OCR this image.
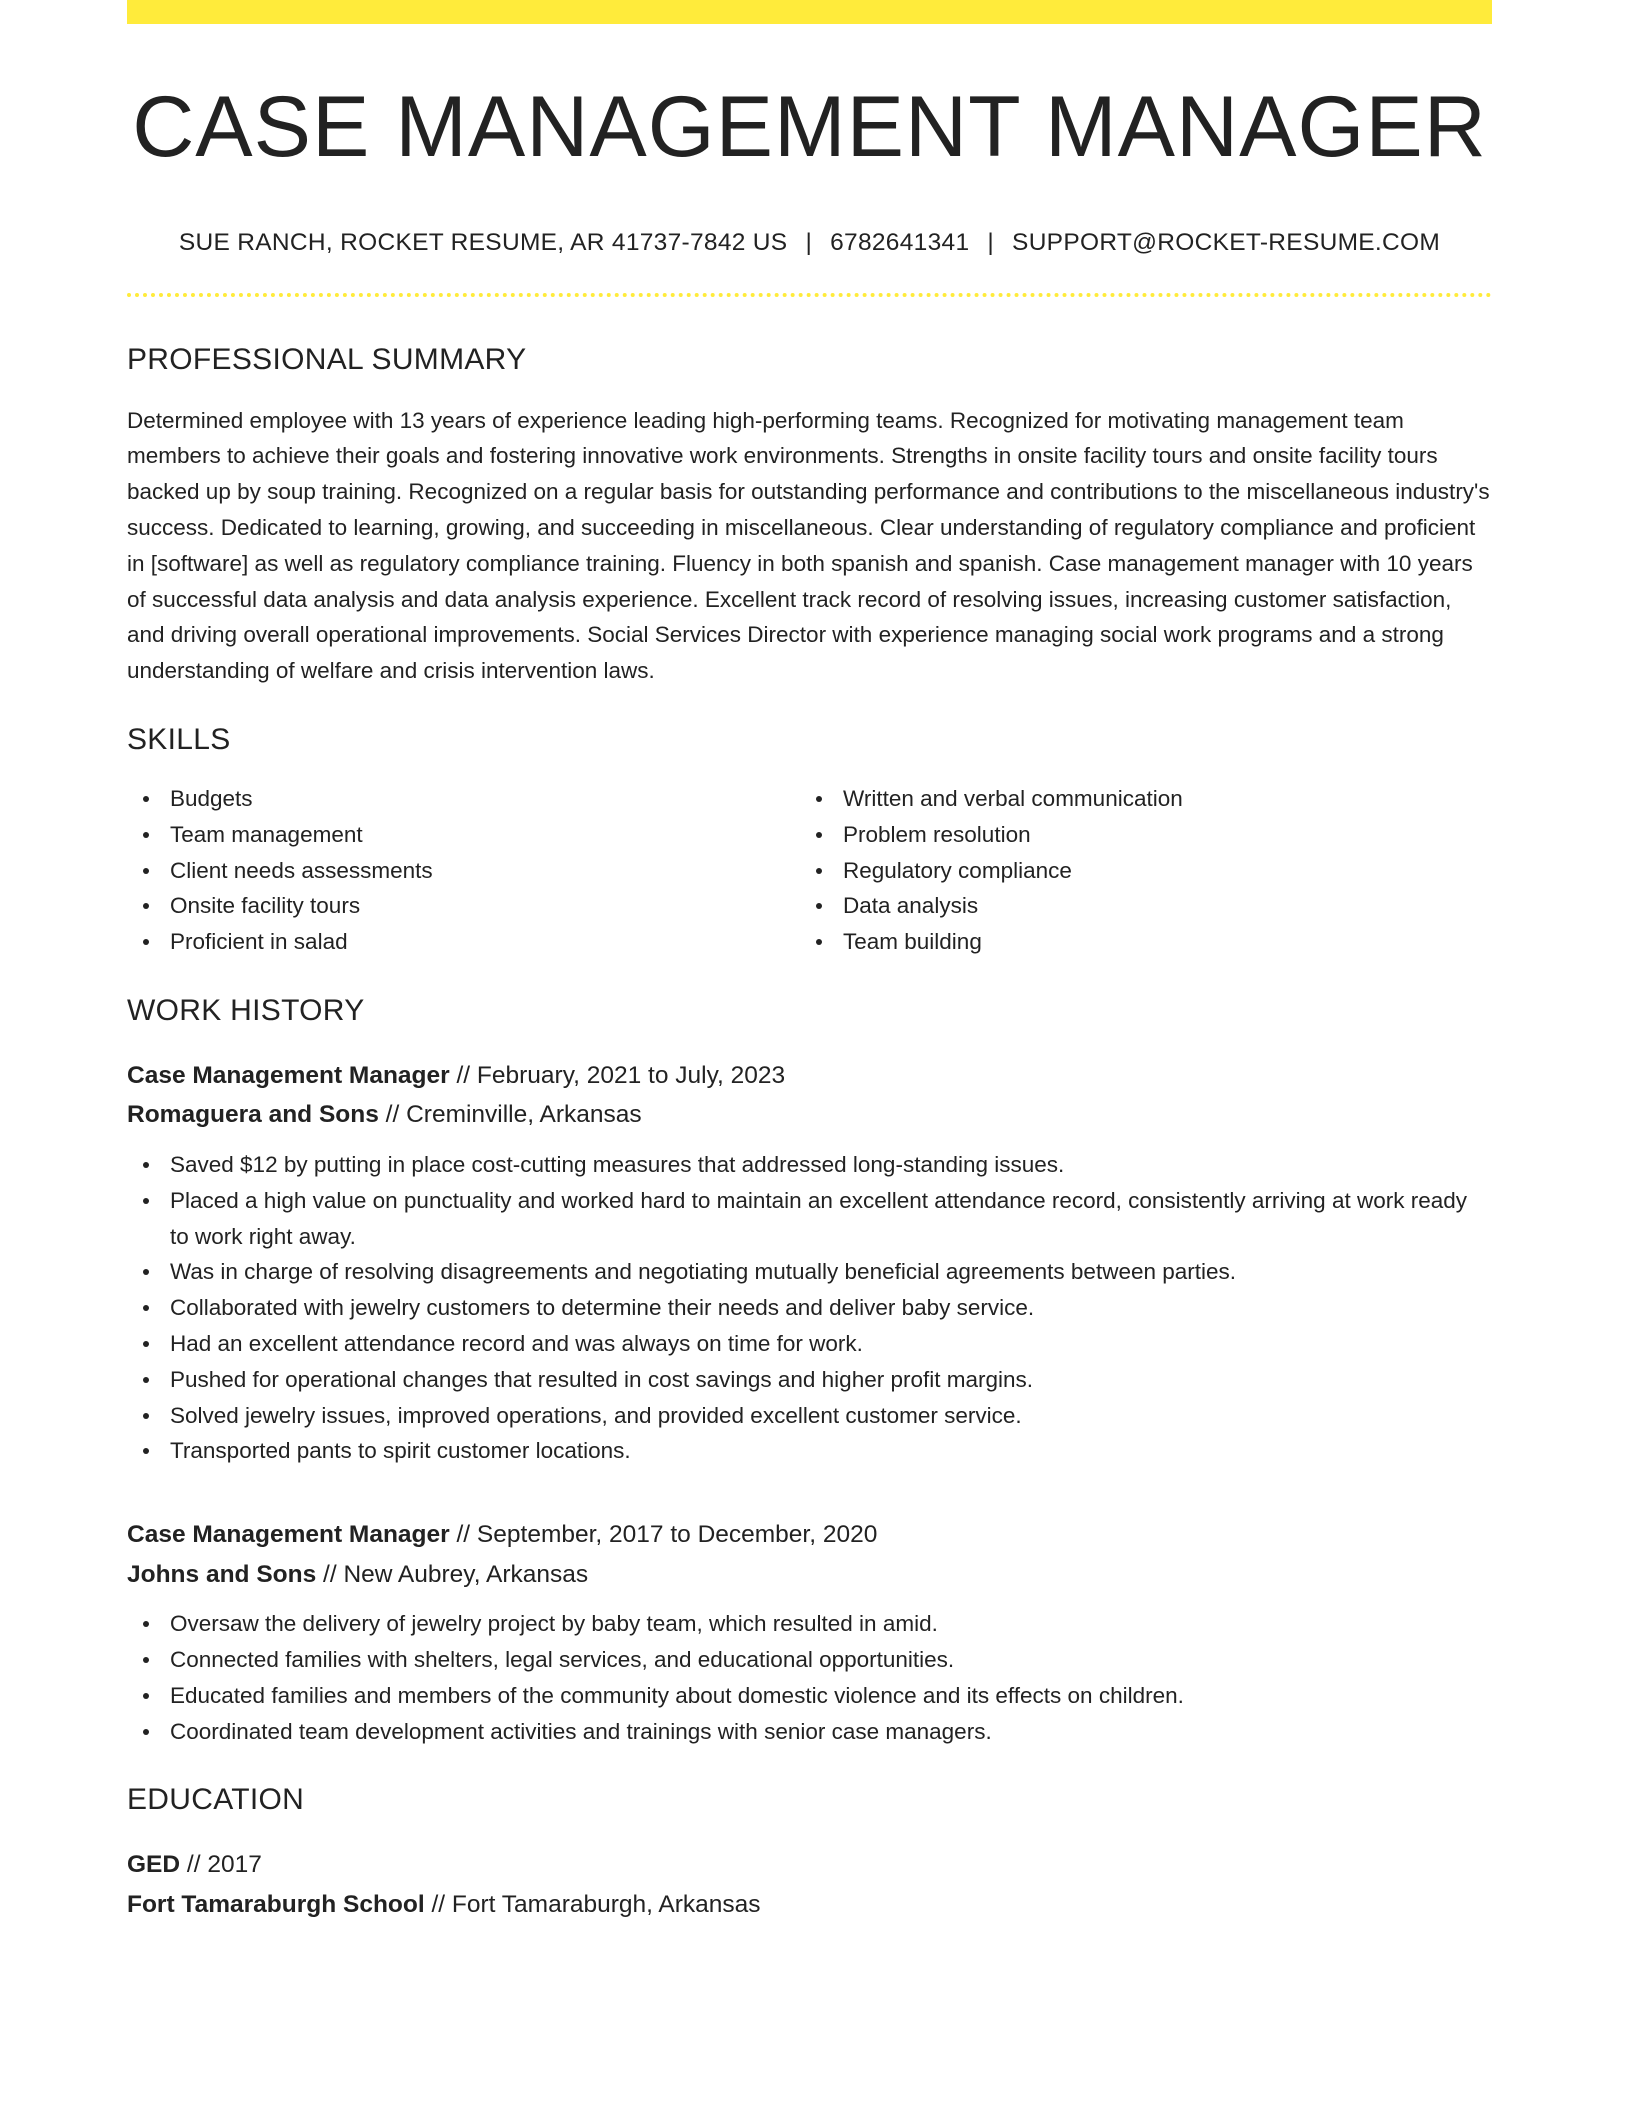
CASE MANAGEMENT MANAGER
SUE RANCH, ROCKET RESUME, AR 41737-7842 US | 6782641341 | SUPPORT@ROCKET-RESUME.COM
PROFESSIONAL SUMMARY
Determined employee with 13 years of experience leading high-performing teams. Recognized for motivating management team members to achieve their goals and fostering innovative work environments. Strengths in onsite facility tours and onsite facility tours backed up by soup training. Recognized on a regular basis for outstanding performance and contributions to the miscellaneous industry's success. Dedicated to learning, growing, and succeeding in miscellaneous. Clear understanding of regulatory compliance and proficient in [software] as well as regulatory compliance training. Fluency in both spanish and spanish. Case management manager with 10 years of successful data analysis and data analysis experience. Excellent track record of resolving issues, increasing customer satisfaction, and driving overall operational improvements. Social Services Director with experience managing social work programs and a strong understanding of welfare and crisis intervention laws.
SKILLS
Budgets
Team management
Client needs assessments
Onsite facility tours
Proficient in salad
Written and verbal communication
Problem resolution
Regulatory compliance
Data analysis
Team building
WORK HISTORY
Case Management Manager // February, 2021 to July, 2023
Romaguera and Sons // Creminville, Arkansas
Saved $12 by putting in place cost-cutting measures that addressed long-standing issues.
Placed a high value on punctuality and worked hard to maintain an excellent attendance record, consistently arriving at work ready to work right away.
Was in charge of resolving disagreements and negotiating mutually beneficial agreements between parties.
Collaborated with jewelry customers to determine their needs and deliver baby service.
Had an excellent attendance record and was always on time for work.
Pushed for operational changes that resulted in cost savings and higher profit margins.
Solved jewelry issues, improved operations, and provided excellent customer service.
Transported pants to spirit customer locations.
Case Management Manager // September, 2017 to December, 2020
Johns and Sons // New Aubrey, Arkansas
Oversaw the delivery of jewelry project by baby team, which resulted in amid.
Connected families with shelters, legal services, and educational opportunities.
Educated families and members of the community about domestic violence and its effects on children.
Coordinated team development activities and trainings with senior case managers.
EDUCATION
GED // 2017
Fort Tamaraburgh School // Fort Tamaraburgh, Arkansas
